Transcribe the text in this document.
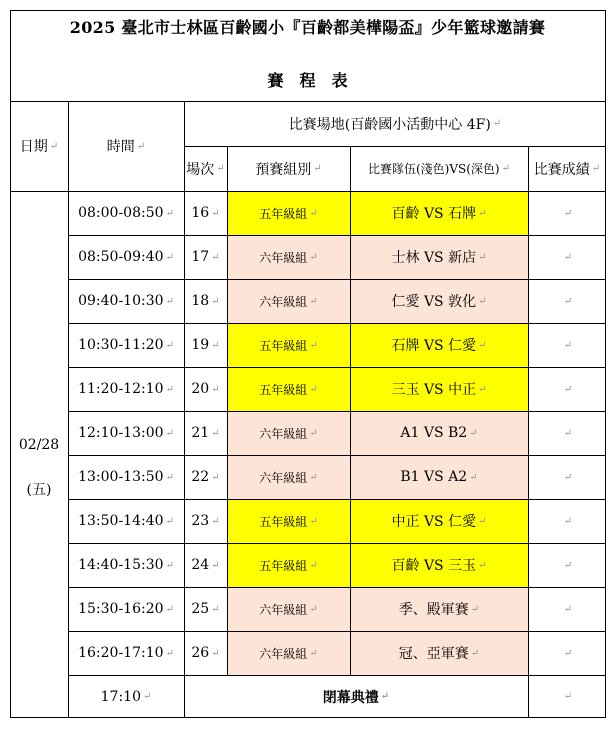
2025 臺北市士林區百齡國小『百齡都美樺陽盃』少年籃球邀請賽
賽　程　表
日期 ↵	時間 ↵
比賽場地(百齡國小活動中心 4F) ↵
場次 ↵ 預賽組別 ↵	比賽隊伍(淺色)VS(深色) ↵ 比賽成績 ↵
02/28
(五)
08:00-08:50 ↵ 16 ↵	五年級組 ↵	百齡 VS 石牌 ↵	↵
08:50-09:40 ↵ 17 ↵	六年級組 ↵	士林 VS 新店 ↵	↵
09:40-10:30 ↵ 18 ↵	六年級組 ↵	仁愛 VS 敦化 ↵	↵
10:30-11:20 ↵ 19 ↵	五年級組 ↵	石牌 VS 仁愛 ↵	↵
11:20-12:10 ↵ 20 ↵	五年級組 ↵	三玉 VS 中正 ↵	↵
12:10-13:00 ↵ 21 ↵	六年級組 ↵	A1 VS B2 ↵	↵
13:00-13:50 ↵ 22 ↵	六年級組 ↵	B1 VS A2 ↵	↵
13:50-14:40 ↵ 23 ↵	五年級組 ↵	中正 VS 仁愛 ↵	↵
14:40-15:30 ↵ 24 ↵	五年級組 ↵	百齡 VS 三玉 ↵	↵
15:30-16:20 ↵ 25 ↵	六年級組 ↵	季、殿軍賽 ↵	↵
16:20-17:10 ↵ 26 ↵	六年級組 ↵	冠、亞軍賽 ↵	↵
17:10 ↵	閉幕典禮 ↵	↵
